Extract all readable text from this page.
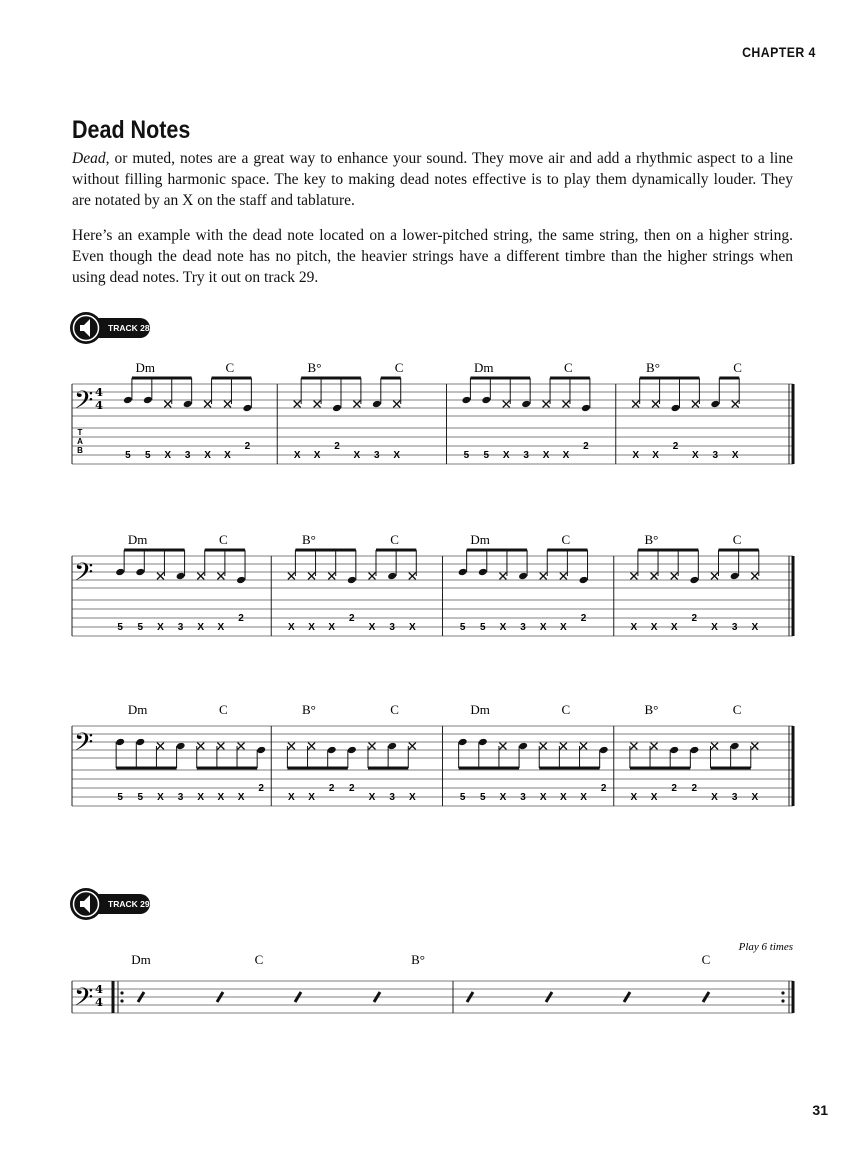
CHAPTER 4
Dead Notes

Dead, or muted, notes are a great way to enhance your sound. They move air and add a rhythmic aspect to a line without filling harmonic space. The key to making dead notes effective is to play them dynamically louder. They are notated by an X on the staff and tablature.

Here’s an example with the dead note located on a lower-pitched string, the same string, then on a higher string. Even though the dead note has no pitch, the heavier strings have a different timbre than the higher strings when using dead notes. Try it out on track 29.

TRACK 28
𝄢 4
4
T
A
B
Dm	C	B°	C	Dm	C	B°	C
5 5 X 3 X X
2
X X
2
X 3 X	5 5 X 3 X X
2
X X
2
X 3 X
𝄢
Dm	C	B°	C	Dm	C	B°	C
5 5 X 3 X X
2
X X X
2
X 3 X	5 5 X 3 X X
2
X X X
2
X 3 X
𝄢
Dm	C	B°	C	Dm	C	B°	C
5 5 X 3 X X X
2
X X
2 2
X 3 X	5 5 X 3 X X X
2
X X
2 2
X 3 X
TRACK 29
𝄢 4
4
Dm	C	B°	C
Play 6 times
31
